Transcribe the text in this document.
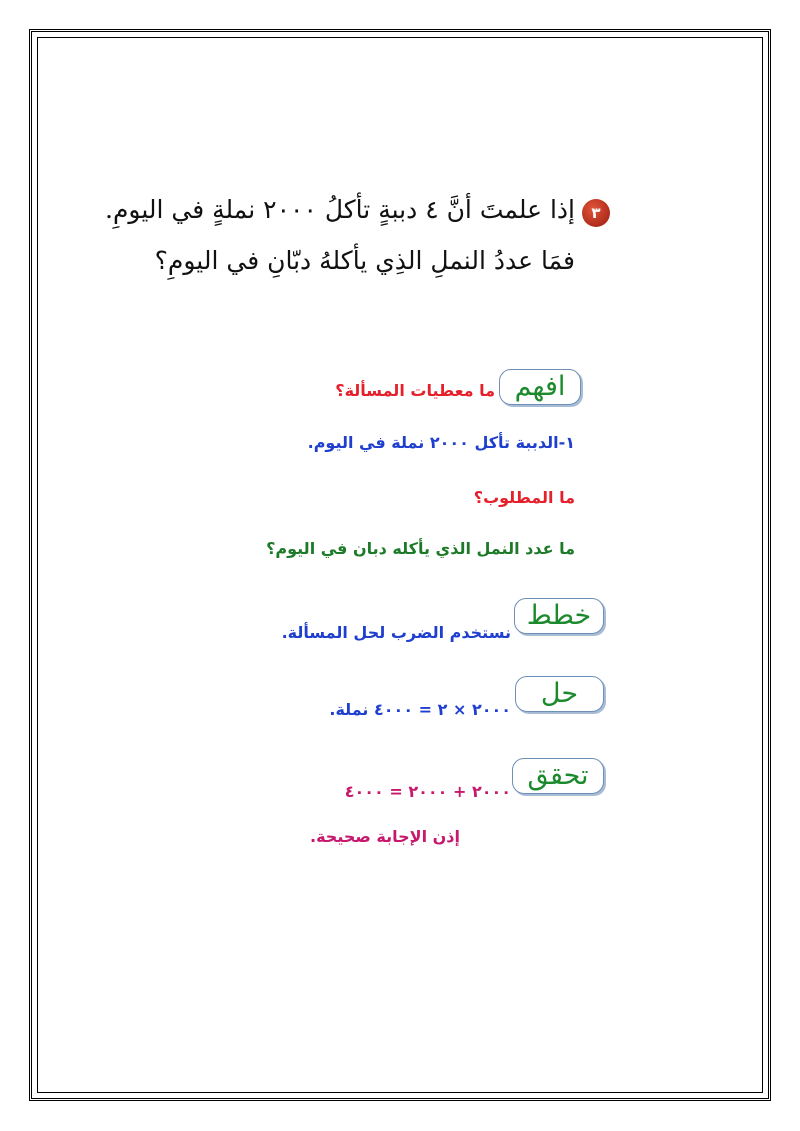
٣
إذا علمتَ أنَّ ٤ دببةٍ تأكلُ ٢٠٠٠ نملةٍ في اليومِ.
فمَا عددُ النملِ الذِي يأكلهُ دبّانِ في اليومِ؟
افهم
ما معطيات المسألة؟
١-الدببة تأكل ٢٠٠٠ نملة في اليوم.
ما المطلوب؟
ما عدد النمل الذي يأكله دبان في اليوم؟
خطط
نستخدم الضرب لحل المسألة.
حل
٢٠٠٠ × ٢ = ٤٠٠٠ نملة.
تحقق
٢٠٠٠ + ٢٠٠٠ = ٤٠٠٠
إذن الإجابة صحيحة.
